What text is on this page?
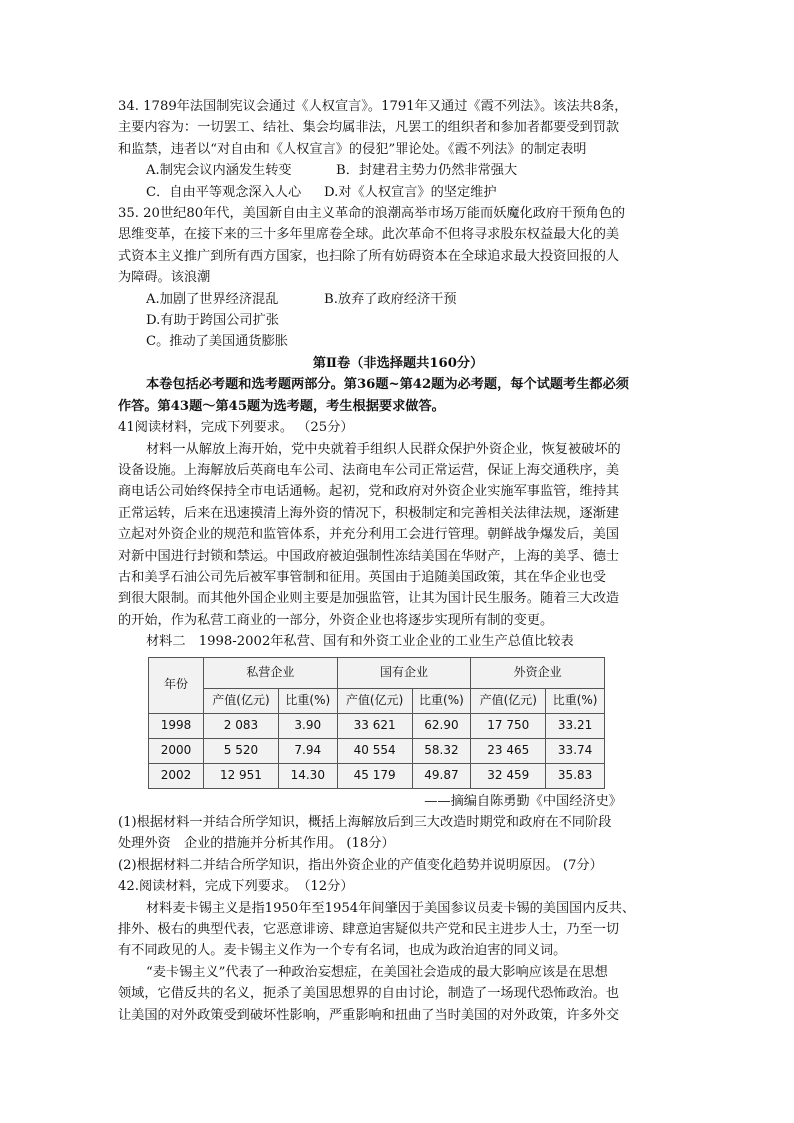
34. 1789年法国制宪议会通过《人权宣言》。1791年又通过《霞不列法》。该法共8条，

主要内容为：一切罢工、结社、集会均属非法，凡罢工的组织者和参加者都要受到罚款

和监禁，违者以“对自由和《人权宣言》的侵犯”罪论处。《霞不列法》的制定表明

A.制宪会议内涵发生转变	B．封建君主势力仍然非常强大

C．自由平等观念深入人心 D.对《人权宣言》的坚定维护

35. 20世纪80年代，美国新自由主义革命的浪潮高举市场万能而妖魔化政府干预角色的

思维变革，在接下来的三十多年里席卷全球。此次革命不但将寻求股东权益最大化的美

式资本主义推广到所有西方国家，也扫除了所有妨碍资本在全球追求最大投资回报的人

为障碍。该浪潮

A.加剧了世界经济混乱	B.放弃了政府经济干预

D.有助于跨国公司扩张

C。推动了美国通货膨胀

第Ⅱ卷（非选择题共160分）

本卷包括必考题和选考题两部分。第36题~第42题为必考题，每个试题考生都必须

作答。第43题～第45题为选考题，考生根据要求做答。

41阅读材料，完成下列要求。 （25分）

材料一从解放上海开始，党中央就着手组织人民群众保护外资企业，恢复被破坏的

设备设施。上海解放后英商电车公司、法商电车公司正常运营，保证上海交通秩序，美

商电话公司始终保持全市电话通畅。起初，党和政府对外资企业实施军事监管，维持其

正常运转，后来在迅速摸清上海外资的情况下，积极制定和完善相关法律法规，逐渐建

立起对外资企业的规范和监管体系，并充分利用工会进行管理。朝鲜战争爆发后，美国

对新中国进行封锁和禁运。中国政府被迫强制性冻结美国在华财产，上海的美孚、德士

古和美孚石油公司先后被军事管制和征用。英国由于追随美国政策，其在华企业也受

到很大限制。而其他外国企业则主要是加强监管，让其为国计民生服务。随着三大改造

的开始，作为私营工商业的一部分，外资企业也将逐步实现所有制的变更。

材料二　1998-2002年私营、国有和外资工业企业的工业生产总值比较表

年份	私营企业		国有企业		外资企业	
	产值(亿元)	比重(%)	产值(亿元)	比重(%)	产值(亿元)	比重(%)
1998	2 083	3.90	33 621	62.90	17 750	33.21
2000	5 520	7.94	40 554	58.32	23 465	33.74
2002	12 951	14.30	45 179	49.87	32 459	35.83

——摘编自陈勇勤《中国经济史》

(1)根据材料一并结合所学知识，概括上海解放后到三大改造时期党和政府在不同阶段

处理外资　企业的措施并分析其作用。 (18分）

(2)根据材料二并结合所学知识，指出外资企业的产值变化趋势并说明原因。 (7分）

42.阅读材料，完成下列要求。　（12分）

材料麦卡锡主义是指1950年至1954年间肇因于美国参议员麦卡锡的美国国内反共、

排外、极右的典型代表，它恶意诽谤、肆意迫害疑似共产党和民主进步人士，乃至一切

有不同政见的人。麦卡锡主义作为一个专有名词，也成为政治迫害的同义词。

“麦卡锡主义”代表了一种政治妄想症，在美国社会造成的最大影响应该是在思想

领域，它借反共的名义，扼杀了美国思想界的自由讨论，制造了一场现代恐怖政治。也

让美国的对外政策受到破坏性影响，严重影响和扭曲了当时美国的对外政策，许多外交
